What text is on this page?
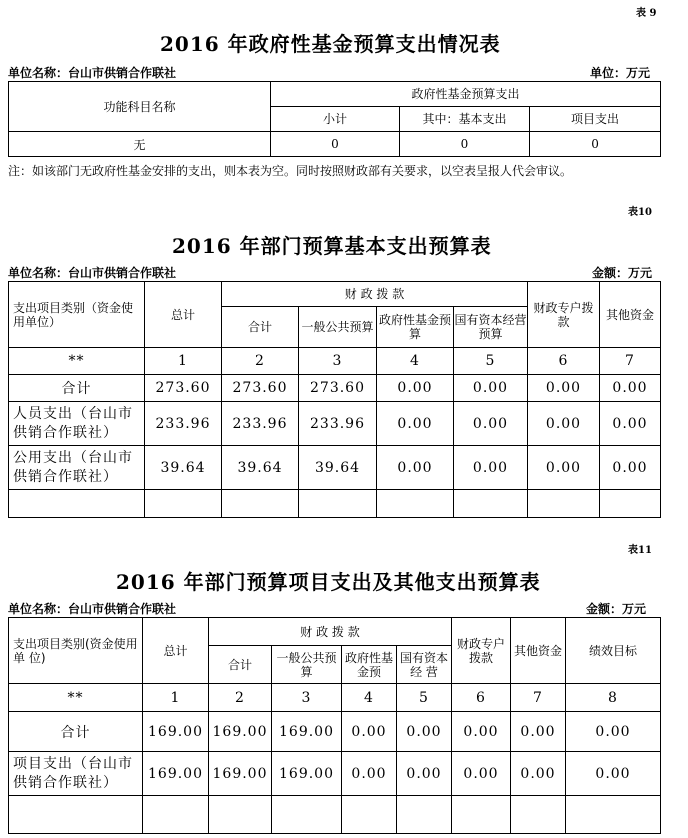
表 9
2016 年政府性基金预算支出情况表
单位名称：台山市供销合作联社	单位：万元
功能科目名称	政府性基金预算支出		
	小计	其中：基本支出	项目支出
无	0	0	0
注：如该部门无政府性基金安排的支出，则本表为空。同时按照财政部有关要求，以空表呈报人代会审议。
表10
2016 年部门预算基本支出预算表
单位名称：台山市供销合作联社	金额：万元
支出项目类别（资金使用单位）	总计	财 政 拨 款				财政专户拨款	其他资金
		合计	一般公共预算	政府性基金预算	国有资本经营预算		
**	1	2	3	4	5	6	7
合计	273.60	273.60	273.60	0.00	0.00	0.00	0.00
人员支出（台山市供销合作联社）	233.96	233.96	233.96	0.00	0.00	0.00	0.00
公用支出（台山市供销合作联社）	39.64	39.64	39.64	0.00	0.00	0.00	0.00

表11
2016 年部门预算项目支出及其他支出预算表
单位名称：台山市供销合作联社	金额：万元
支出项目类别(资金使用单 位)	总计	财 政 拨 款				财政专户拨款	其他资金	绩效目标
		合计	一般公共预算	政府性基金预	国有资本经 营			
**	1	2	3	4	5	6	7	8
合计	169.00	169.00	169.00	0.00	0.00	0.00	0.00	0.00
项目支出（台山市供销合作联社）	169.00	169.00	169.00	0.00	0.00	0.00	0.00	0.00
